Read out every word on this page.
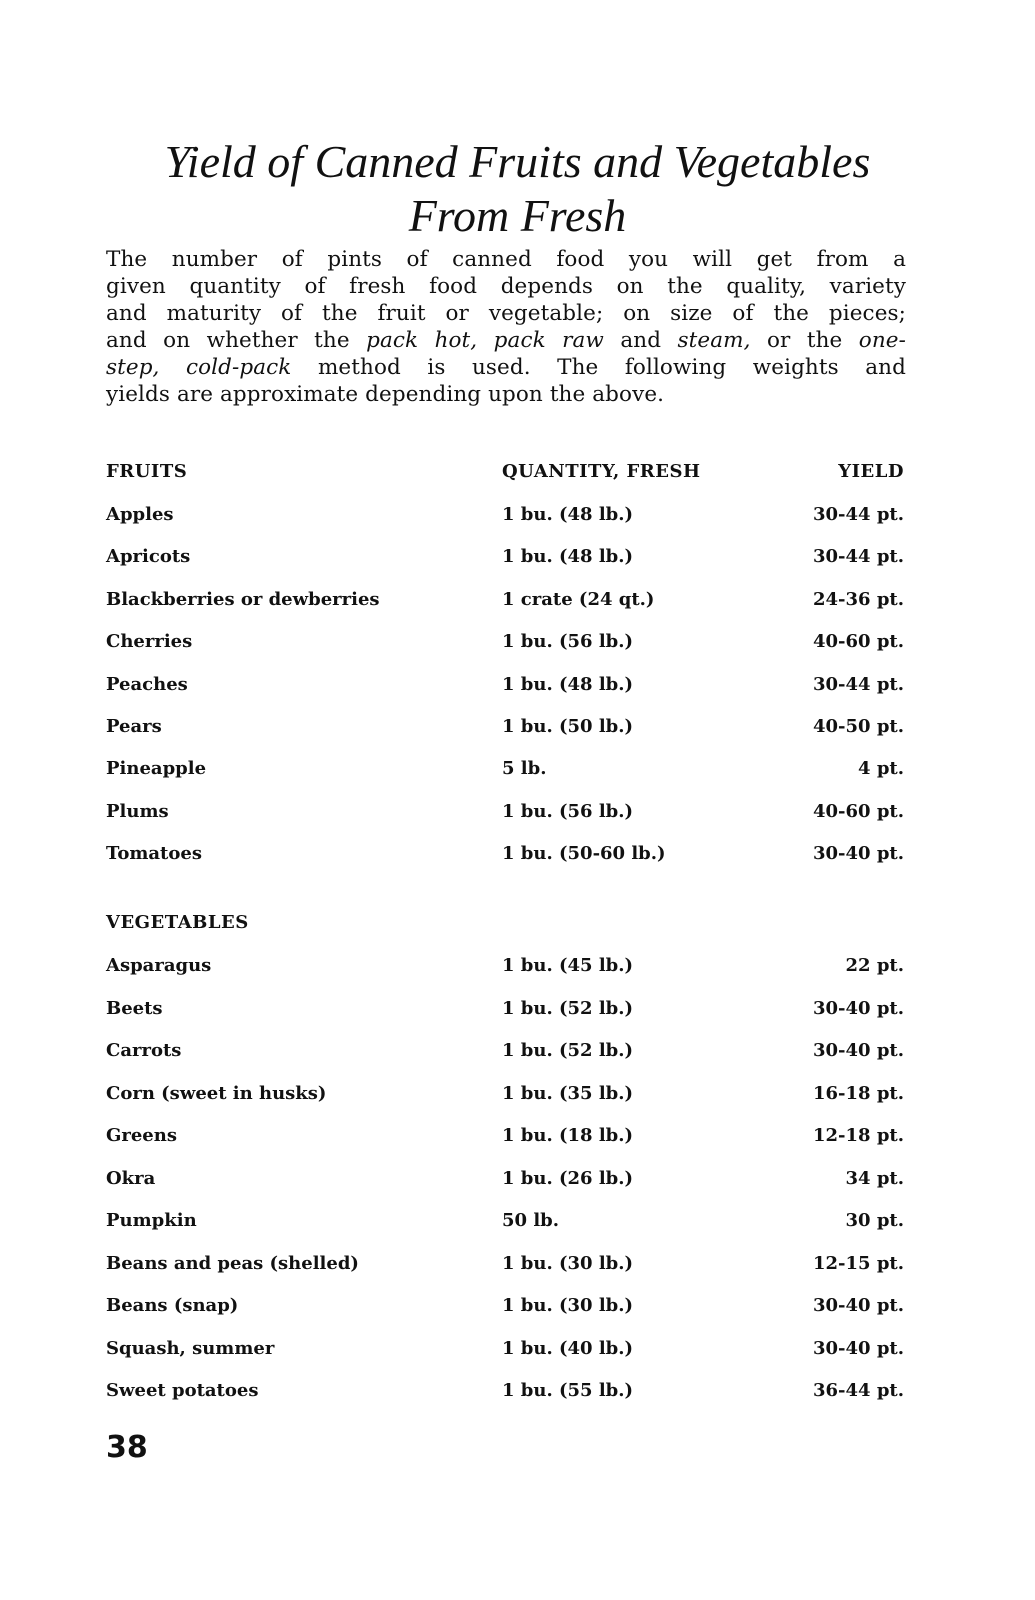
Yield of Canned Fruits and Vegetables
From Fresh

The number of pints of canned food you will get from a
given quantity of fresh food depends on the quality, variety
and maturity of the fruit or vegetable; on size of the pieces;
and on whether the pack hot, pack raw and steam, or the one-
step, cold-pack method is used. The following weights and
yields are approximate depending upon the above.

FRUITS	QUANTITY, FRESH	YIELD
Apples	1 bu. (48 lb.)	30-44 pt.
Apricots	1 bu. (48 lb.)	30-44 pt.
Blackberries or dewberries	1 crate (24 qt.)	24-36 pt.
Cherries	1 bu. (56 lb.)	40-60 pt.
Peaches	1 bu. (48 lb.)	30-44 pt.
Pears	1 bu. (50 lb.)	40-50 pt.
Pineapple	5 lb.	4 pt.
Plums	1 bu. (56 lb.)	40-60 pt.
Tomatoes	1 bu. (50-60 lb.)	30-40 pt.
VEGETABLES
Asparagus	1 bu. (45 lb.)	22 pt.
Beets	1 bu. (52 lb.)	30-40 pt.
Carrots	1 bu. (52 lb.)	30-40 pt.
Corn (sweet in husks)	1 bu. (35 lb.)	16-18 pt.
Greens	1 bu. (18 lb.)	12-18 pt.
Okra	1 bu. (26 lb.)	34 pt.
Pumpkin	50 lb.	30 pt.
Beans and peas (shelled)	1 bu. (30 lb.)	12-15 pt.
Beans (snap)	1 bu. (30 lb.)	30-40 pt.
Squash, summer	1 bu. (40 lb.)	30-40 pt.
Sweet potatoes	1 bu. (55 lb.)	36-44 pt.
38
